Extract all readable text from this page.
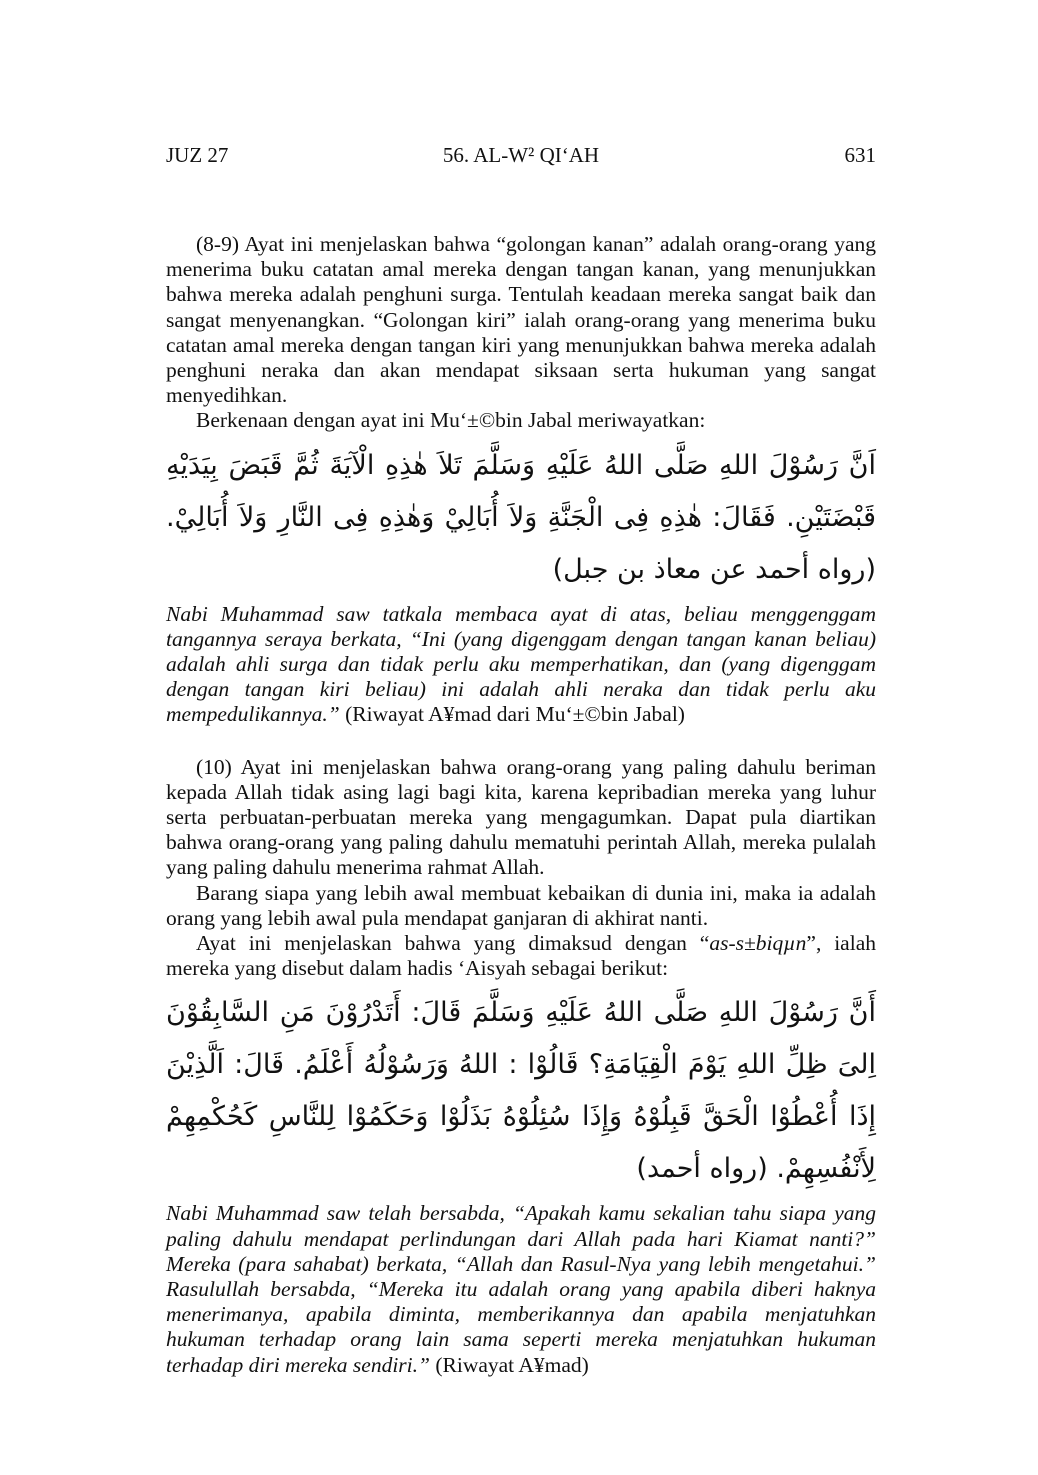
JUZ 27	56. AL-W² QI‘AH	631

(8-9) Ayat ini menjelaskan bahwa “golongan kanan” adalah orang-orang yang menerima buku catatan amal mereka dengan tangan kanan, yang menunjukkan bahwa mereka adalah penghuni surga. Tentulah keadaan mereka sangat baik dan sangat menyenangkan. “Golongan kiri” ialah orang-orang yang menerima buku catatan amal mereka dengan tangan kiri yang menunjukkan bahwa mereka adalah penghuni neraka dan akan mendapat siksaan serta hukuman yang sangat menyedihkan.

Berkenaan dengan ayat ini Mu‘±©bin Jabal meriwayatkan:

اَنَّ رَسُوْلَ اللهِ صَلَّى اللهُ عَلَيْهِ وَسَلَّمَ تَلاَ هٰذِهِ الْآيَةَ ثُمَّ قَبَضَ بِيَدَيْهِ قَبْضَتَيْنِ. فَقَالَ: هٰذِهِ فِى الْجَنَّةِ وَلاَ أُبَالِيْ وَهٰذِهِ فِى النَّارِ وَلاَ أُبَالِيْ. (رواه أحمد عن معاذ بن جبل)

Nabi Muhammad saw tatkala membaca ayat di atas, beliau menggenggam tangannya seraya berkata, “Ini (yang digenggam dengan tangan kanan beliau) adalah ahli surga dan tidak perlu aku memperhatikan, dan (yang digenggam dengan tangan kiri beliau) ini adalah ahli neraka dan tidak perlu aku mempedulikannya.” (Riwayat A¥mad dari Mu‘±©bin Jabal)

(10) Ayat ini menjelaskan bahwa orang-orang yang paling dahulu beriman kepada Allah tidak asing lagi bagi kita, karena kepribadian mereka yang luhur serta perbuatan-perbuatan mereka yang mengagumkan. Dapat pula diartikan bahwa orang-orang yang paling dahulu mematuhi perintah Allah, mereka pulalah yang paling dahulu menerima rahmat Allah.

Barang siapa yang lebih awal membuat kebaikan di dunia ini, maka ia adalah orang yang lebih awal pula mendapat ganjaran di akhirat nanti.

Ayat ini menjelaskan bahwa yang dimaksud dengan “as-s±biqµn”, ialah mereka yang disebut dalam hadis ‘Aisyah sebagai berikut:

أَنَّ رَسُوْلَ اللهِ صَلَّى اللهُ عَلَيْهِ وَسَلَّمَ قَالَ: أَتَدْرُوْنَ مَنِ السَّابِقُوْنَ اِلىَ ظِلِّ اللهِ يَوْمَ الْقِيَامَةِ؟ قَالُوْا : اللهُ وَرَسُوْلُهُ أَعْلَمُ. قَالَ: اَلَّذِيْنَ إِذَا أُعْطُوْا الْحَقَّ قَبِلُوْهُ وَإِذَا سُئِلُوْهُ بَذَلُوْا وَحَكَمُوْا لِلنَّاسِ كَحُكْمِهِمْ لِأَنْفُسِهِمْ. (رواه أحمد)

Nabi Muhammad saw telah bersabda, “Apakah kamu sekalian tahu siapa yang paling dahulu mendapat perlindungan dari Allah pada hari Kiamat nanti?” Mereka (para sahabat) berkata, “Allah dan Rasul-Nya yang lebih mengetahui.” Rasulullah bersabda, “Mereka itu adalah orang yang apabila diberi haknya menerimanya, apabila diminta, memberikannya dan apabila menjatuhkan hukuman terhadap orang lain sama seperti mereka menjatuhkan hukuman terhadap diri mereka sendiri.” (Riwayat A¥mad)
